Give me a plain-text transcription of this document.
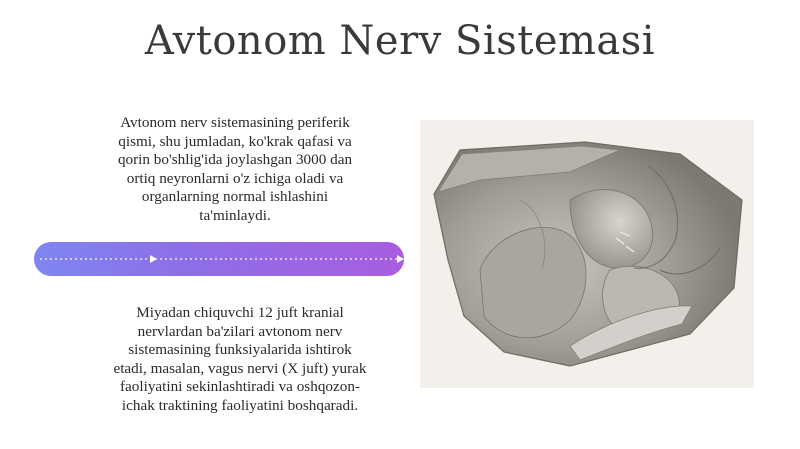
Avtonom Nerv Sistemasi
Avtonom nerv sistemasining periferik
qismi, shu jumladan, ko'krak qafasi va
qorin bo'shlig'ida joylashgan 3000 dan
ortiq neyronlarni o'z ichiga oladi va
organlarning normal ishlashini
ta'minlaydi.
Miyadan chiquvchi 12 juft kranial
nervlardan ba'zilari avtonom nerv
sistemasining funksiyalarida ishtirok
etadi, masalan, vagus nervi (X juft) yurak
faoliyatini sekinlashtiradi va oshqozon-
ichak traktining faoliyatini boshqaradi.
